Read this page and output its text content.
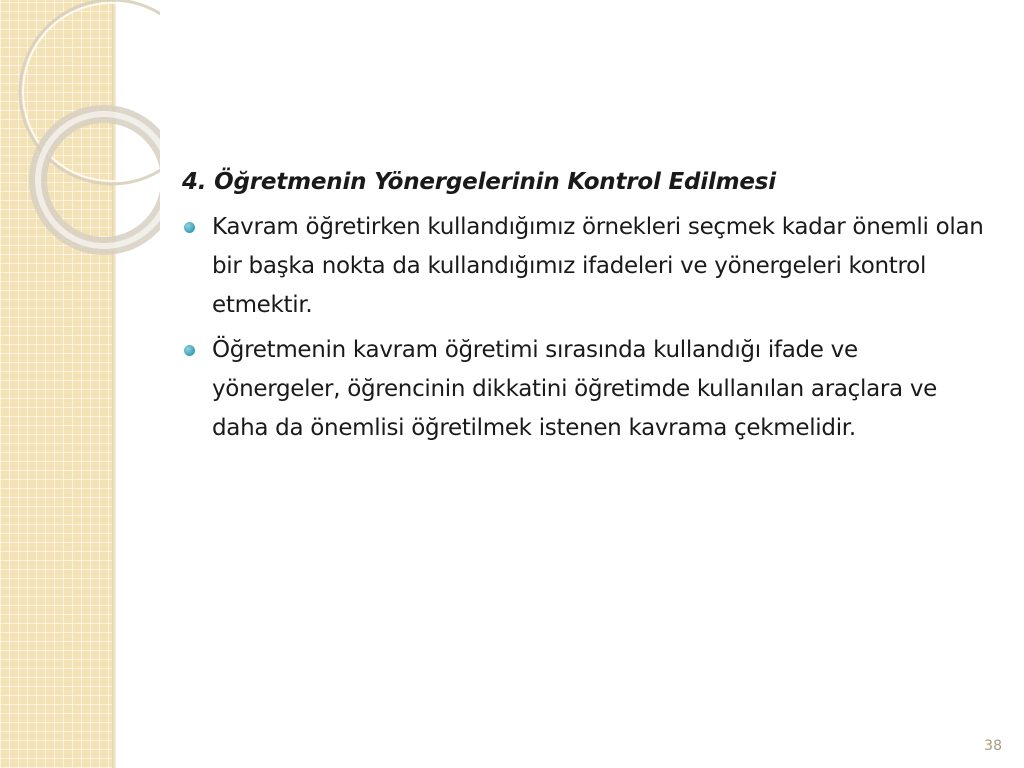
4. Öğretmenin Yönergelerinin Kontrol Edilmesi
Kavram öğretirken kullandığımız örnekleri seçmek kadar önemli olan bir başka nokta da kullandığımız ifadeleri ve yönergeleri kontrol etmektir.
Öğretmenin kavram öğretimi sırasında kullandığı ifade ve yönergeler, öğrencinin dikkatini öğretimde kullanılan araçlara ve daha da önemlisi öğretilmek istenen kavrama çekmelidir.
38
